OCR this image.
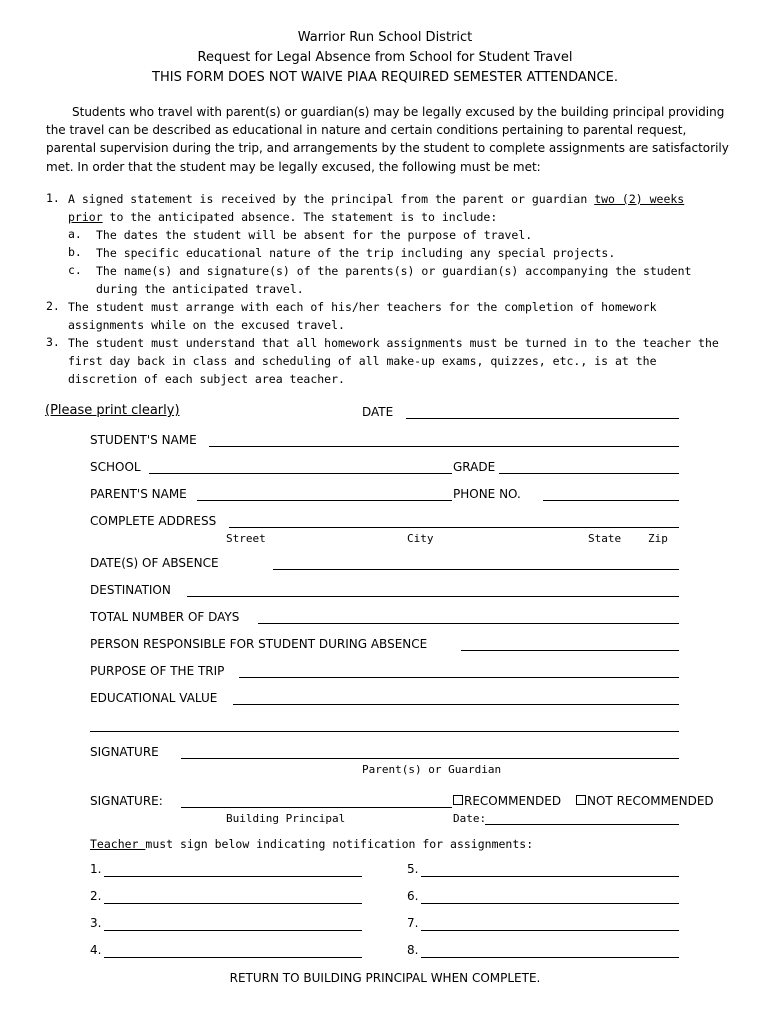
Warrior Run School District
Request for Legal Absence from School for Student Travel
THIS FORM DOES NOT WAIVE PIAA REQUIRED SEMESTER ATTENDANCE.

Students who travel with parent(s) or guardian(s) may be legally excused by the building principal providing the travel can be described as educational in nature and certain conditions pertaining to parental request, parental supervision during the trip, and arrangements by the student to complete assignments are satisfactorily met. In order that the student may be legally excused, the following must be met:

1. A signed statement is received by the principal from the parent or guardian two (2) weeks prior to the anticipated absence. The statement is to include:

a. The dates the student will be absent for the purpose of travel.

b. The specific educational nature of the trip including any special projects.

c. The name(s) and signature(s) of the parents(s) or guardian(s) accompanying the student during the anticipated travel.

2. The student must arrange with each of his/her teachers for the completion of homework assignments while on the excused travel.

3. The student must understand that all homework assignments must be turned in to the teacher the first day back in class and scheduling of all make-up exams, quizzes, etc., is at the discretion of each subject area teacher.

(Please print clearly)	DATE
STUDENT'S NAME
SCHOOL	GRADE
PARENT'S NAME	PHONE NO.
COMPLETE ADDRESS
Street	City	State Zip
DATE(S) OF ABSENCE
DESTINATION
TOTAL NUMBER OF DAYS
PERSON RESPONSIBLE FOR STUDENT DURING ABSENCE
PURPOSE OF THE TRIP
EDUCATIONAL VALUE
SIGNATURE
Parent(s) or Guardian
SIGNATURE:	RECOMMENDED	NOT RECOMMENDED
Building Principal	Date:
Teacher must sign below indicating notification for assignments:
1.
2.
3.
4.
5.
6.
7.
8.
RETURN TO BUILDING PRINCIPAL WHEN COMPLETE.
